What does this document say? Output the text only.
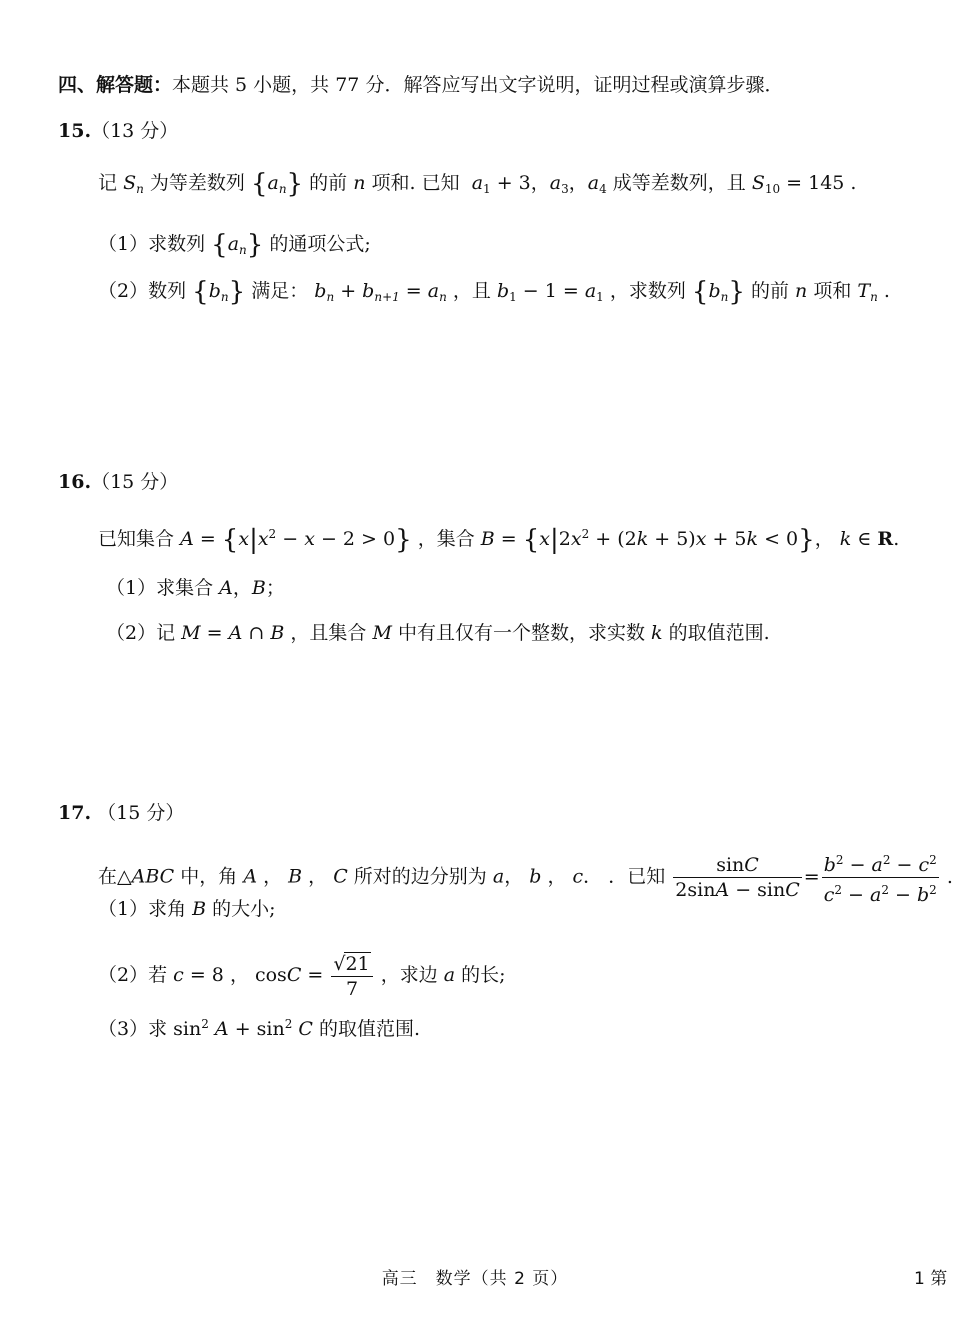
四、解答题：本题共 5 小题，共 77 分．解答应写出文字说明，证明过程或演算步骤．
15.（13 分）
记 $S_n$ 为等差数列 $\{a_n\}$ 的前 n 项和. 已知 $a_1 + 3$，$a_3$，$a_4$ 成等差数列，且 $S_{10} = 145$ .
（1）求数列 $\{a_n\}$ 的通项公式;
（2）数列 $\{b_n\}$ 满足： $b_n + b_{n+1} = a_n$ ，且 $b_1 - 1 = a_1$ ，求数列 $\{b_n\}$ 的前 n 项和 $T_n$ .
16.（15 分）
已知集合 $A = \{x|x^2 - x - 2 > 0\}$ ，集合 $B = \{x|2x^2 + (2k + 5)x + 5k < 0\}$， k ∈ R.
（1）求集合 A，B；
（2）记 M = A ∩ B ，且集合 M 中有且仅有一个整数，求实数 k 的取值范围.
17. （15 分）
在△ABC 中，角 A ， B ， C 所对的边分别为 a， b ， c． ．已知 $\frac{\sin C}{2\sin A - \sin C} = \frac{b^2 - a^2 - c^2}{c^2 - a^2 - b^2}$ .
（1）求角 B 的大小;
（2）若 c = 8 ， $\cos C = \frac{√21}{7}$ ，求边 a 的长;
（3）求 $\sin^2 A + \sin^2 C$ 的取值范围.
高三　数学（共 2 页）	1 第
